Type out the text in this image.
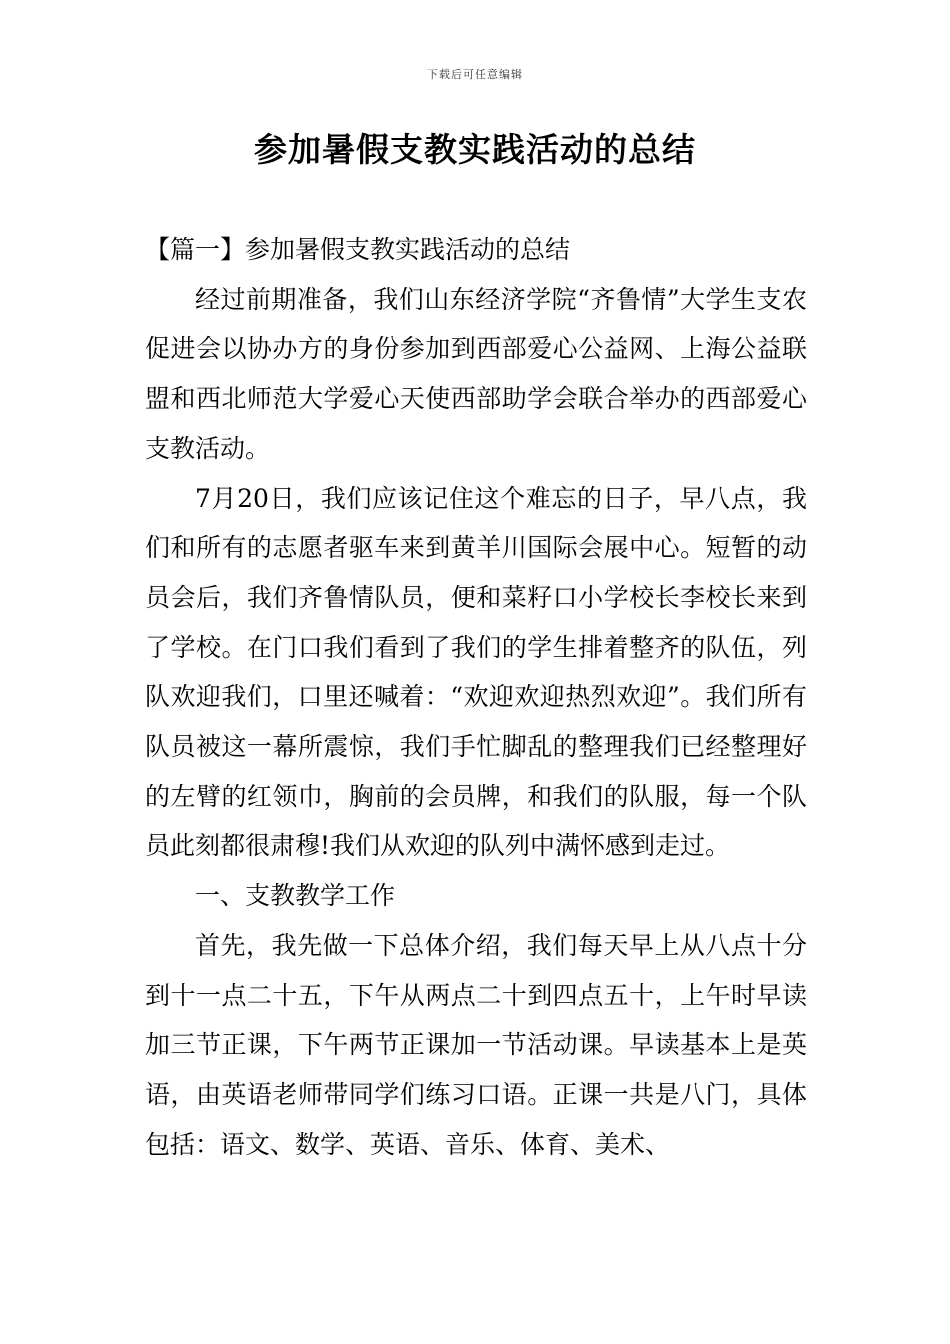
下载后可任意编辑
参加暑假支教实践活动的总结

【篇一】参加暑假支教实践活动的总结

经过前期准备，我们山东经济学院“齐鲁情”大学生支农促进会以协办方的身份参加到西部爱心公益网、上海公益联盟和西北师范大学爱心天使西部助学会联合举办的西部爱心支教活动。

7月20日，我们应该记住这个难忘的日子，早八点，我们和所有的志愿者驱车来到黄羊川国际会展中心。短暂的动员会后，我们齐鲁情队员，便和菜籽口小学校长李校长来到了学校。在门口我们看到了我们的学生排着整齐的队伍，列队欢迎我们，口里还喊着：“欢迎欢迎热烈欢迎”。我们所有队员被这一幕所震惊，我们手忙脚乱的整理我们已经整理好的左臂的红领巾，胸前的会员牌，和我们的队服，每一个队员此刻都很肃穆!我们从欢迎的队列中满怀感到走过。

一、支教教学工作

首先，我先做一下总体介绍，我们每天早上从八点十分到十一点二十五，下午从两点二十到四点五十，上午时早读加三节正课，下午两节正课加一节活动课。早读基本上是英语，由英语老师带同学们练习口语。正课一共是八门，具体包括：语文、数学、英语、音乐、体育、美术、
